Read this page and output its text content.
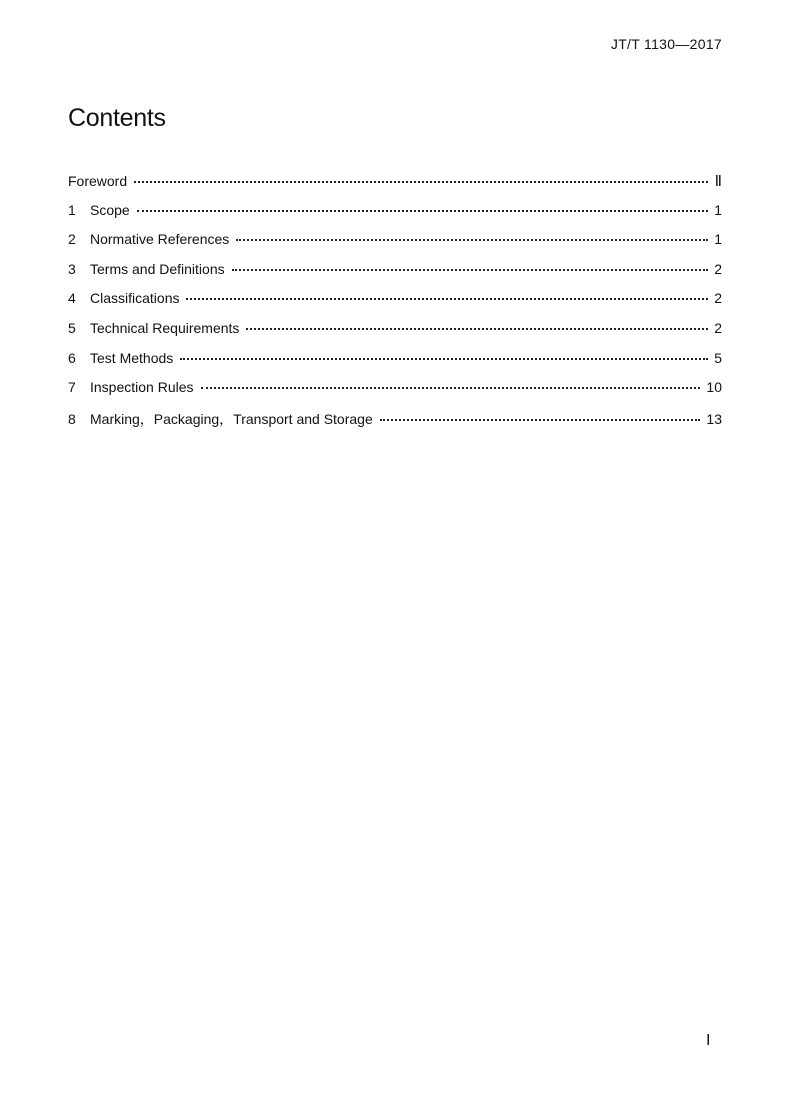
JT/T 1130—2017
Contents
Foreword	Ⅱ
1	Scope	1
2	Normative References	1
3	Terms and Definitions	2
4	Classifications	2
5	Technical Requirements	2
6	Test Methods	5
7	Inspection Rules	10
8	Marking，Packaging，Transport and Storage	13
Ⅰ
